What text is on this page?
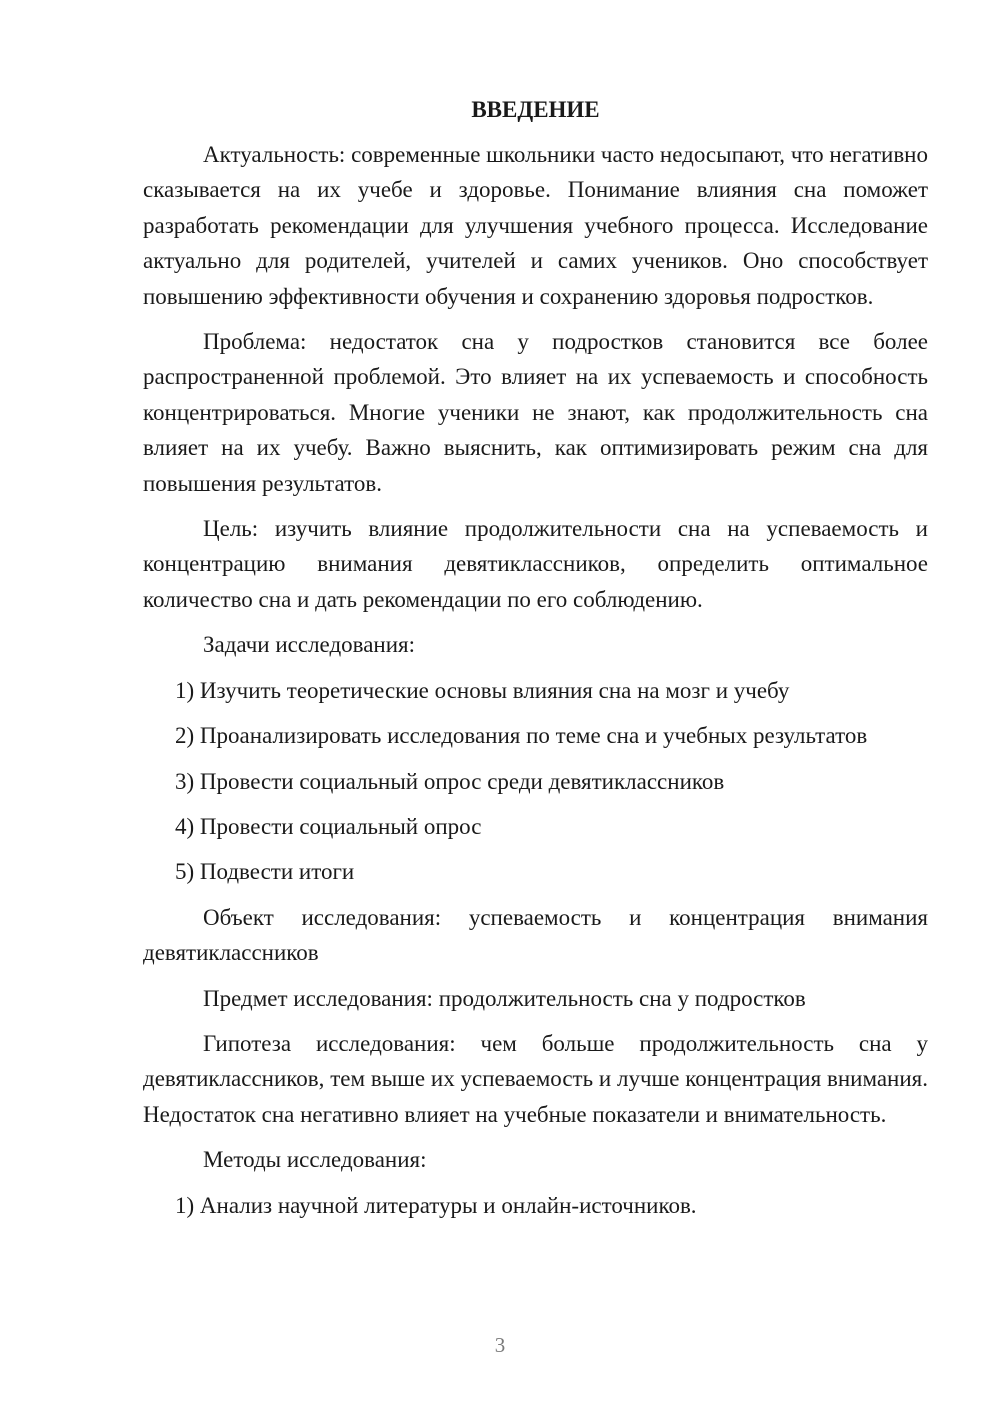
ВВЕДЕНИЕ
Актуальность: современные школьники часто недосыпают, что негативно сказывается на их учебе и здоровье. Понимание влияния сна поможет разработать рекомендации для улучшения учебного процесса. Исследование актуально для родителей, учителей и самих учеников. Оно способствует повышению эффективности обучения и сохранению здоровья подростков.
Проблема: недостаток сна у подростков становится все более распространенной проблемой. Это влияет на их успеваемость и способность концентрироваться. Многие ученики не знают, как продолжительность сна влияет на их учебу. Важно выяснить, как оптимизировать режим сна для повышения результатов.
Цель: изучить влияние продолжительности сна на успеваемость и концентрацию внимания девятиклассников, определить оптимальное количество сна и дать рекомендации по его соблюдению.
Задачи исследования:
1) Изучить теоретические основы влияния сна на мозг и учебу
2) Проанализировать исследования по теме сна и учебных результатов
3) Провести социальный опрос среди девятиклассников
4) Провести социальный опрос
5) Подвести итоги
Объект исследования: успеваемость и концентрация внимания девятиклассников
Предмет исследования: продолжительность сна у подростков
Гипотеза исследования: чем больше продолжительность сна у девятиклассников, тем выше их успеваемость и лучше концентрация внимания. Недостаток сна негативно влияет на учебные показатели и внимательность.
Методы исследования:
1) Анализ научной литературы и онлайн-источников.
3
